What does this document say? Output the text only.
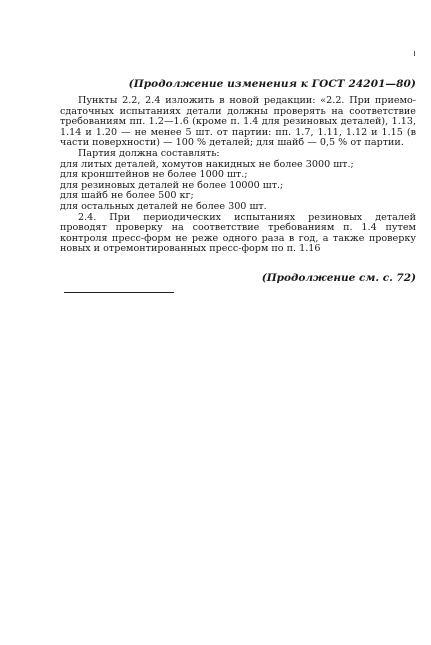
(Продолжение изменения к ГОСТ 24201—80)

Пункты 2.2, 2.4 изложить в новой редакции: «2.2. При приемо-сдаточных испытаниях детали должны проверять на соответствие требованиям пп. 1.2—1.6 (кроме п. 1.4 для резиновых деталей), 1.13, 1.14 и 1.20 — не менее 5 шт. от партии: пп. 1.7, 1.11, 1.12 и 1.15 (в части поверхности) — 100 % деталей; для шайб — 0,5 % от партии.

Партия должна составлять:

для литых деталей, хомутов накидных не более 3000 шт.;

для кронштейнов не более 1000 шт.;

для резиновых деталей не более 10000 шт.;

для шайб не более 500 кг;

для остальных деталей не более 300 шт.

2.4. При периодических испытаниях резиновых деталей проводят проверку на соответствие требованиям п. 1.4 путем контроля пресс-форм не реже одного раза в год, а также проверку новых и отремонтированных пресс-форм по п. 1.16

(Продолжение см. с. 72)
